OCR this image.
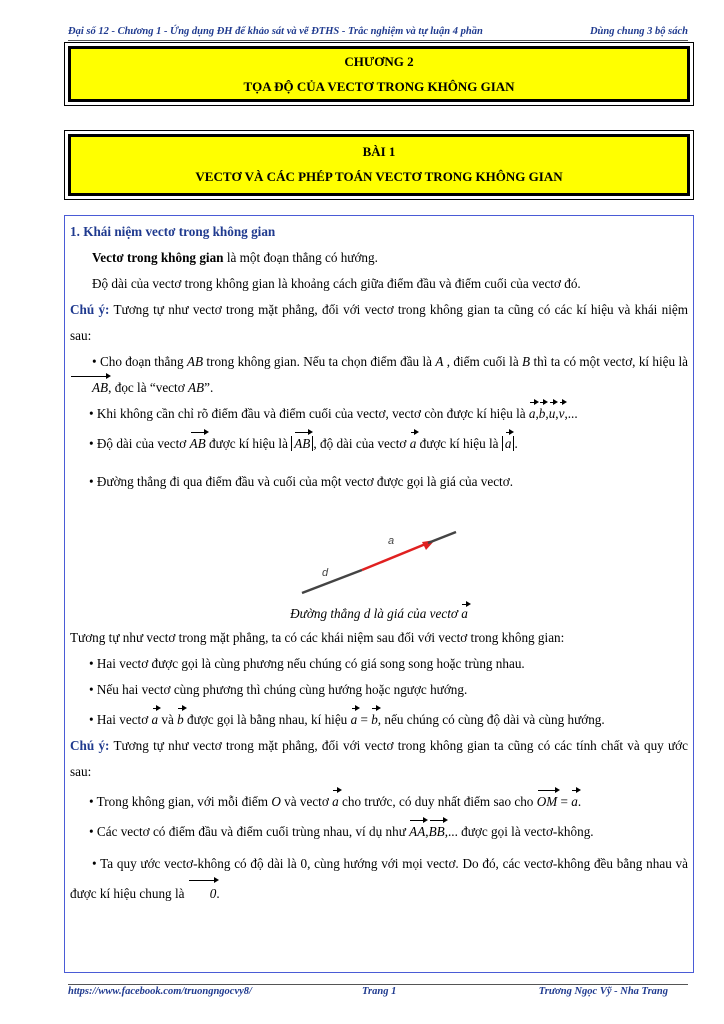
Đại số 12 - Chương 1 - Ứng dụng ĐH để khảo sát và vẽ ĐTHS - Trắc nghiệm và tự luận 4 phần	Dùng chung 3 bộ sách
CHƯƠNG 2
TỌA ĐỘ CỦA VECTƠ TRONG KHÔNG GIAN
BÀI 1
VECTƠ VÀ CÁC PHÉP TOÁN VECTƠ TRONG KHÔNG GIAN

1. Khái niệm vectơ trong không gian

Vectơ trong không gian là một đoạn thẳng có hướng.

Độ dài của vectơ trong không gian là khoảng cách giữa điểm đầu và điểm cuối của vectơ đó.

Chú ý: Tương tự như vectơ trong mặt phẳng, đối với vectơ trong không gian ta cũng có các kí hiệu và khái niệm sau:

• Cho đoạn thẳng AB trong không gian. Nếu ta chọn điểm đầu là A , điểm cuối là B thì ta có một vectơ, kí hiệu là AB, đọc là “vectơ AB”.

• Khi không cần chỉ rõ điểm đầu và điểm cuối của vectơ, vectơ còn được kí hiệu là a,b,u,v,...

• Độ dài của vectơ AB được kí hiệu là AB , độ dài của vectơ a được kí hiệu là a .

• Đường thẳng đi qua điểm đầu và cuối của một vectơ được gọi là giá của vectơ.

a
d

Đường thẳng d là giá của vectơ a

Tương tự như vectơ trong mặt phẳng, ta có các khái niệm sau đối với vectơ trong không gian:

• Hai vectơ được gọi là cùng phương nếu chúng có giá song song hoặc trùng nhau.

• Nếu hai vectơ cùng phương thì chúng cùng hướng hoặc ngược hướng.

• Hai vectơ a và b được gọi là bằng nhau, kí hiệu a = b, nếu chúng có cùng độ dài và cùng hướng.

Chú ý: Tương tự như vectơ trong mặt phẳng, đối với vectơ trong không gian ta cũng có các tính chất và quy ước sau:

• Trong không gian, với mỗi điểm O và vectơ a cho trước, có duy nhất điểm sao cho OM = a.

• Các vectơ có điểm đầu và điểm cuối trùng nhau, ví dụ như AA,BB,... được gọi là vectơ-không.

• Ta quy ước vectơ-không có độ dài là 0, cùng hướng với mọi vectơ. Do đó, các vectơ-không đều bằng nhau và được kí hiệu chung là 0.

https://www.facebook.com/truongngocvy8/	Trang 1	Trương Ngọc Vỹ - Nha Trang
